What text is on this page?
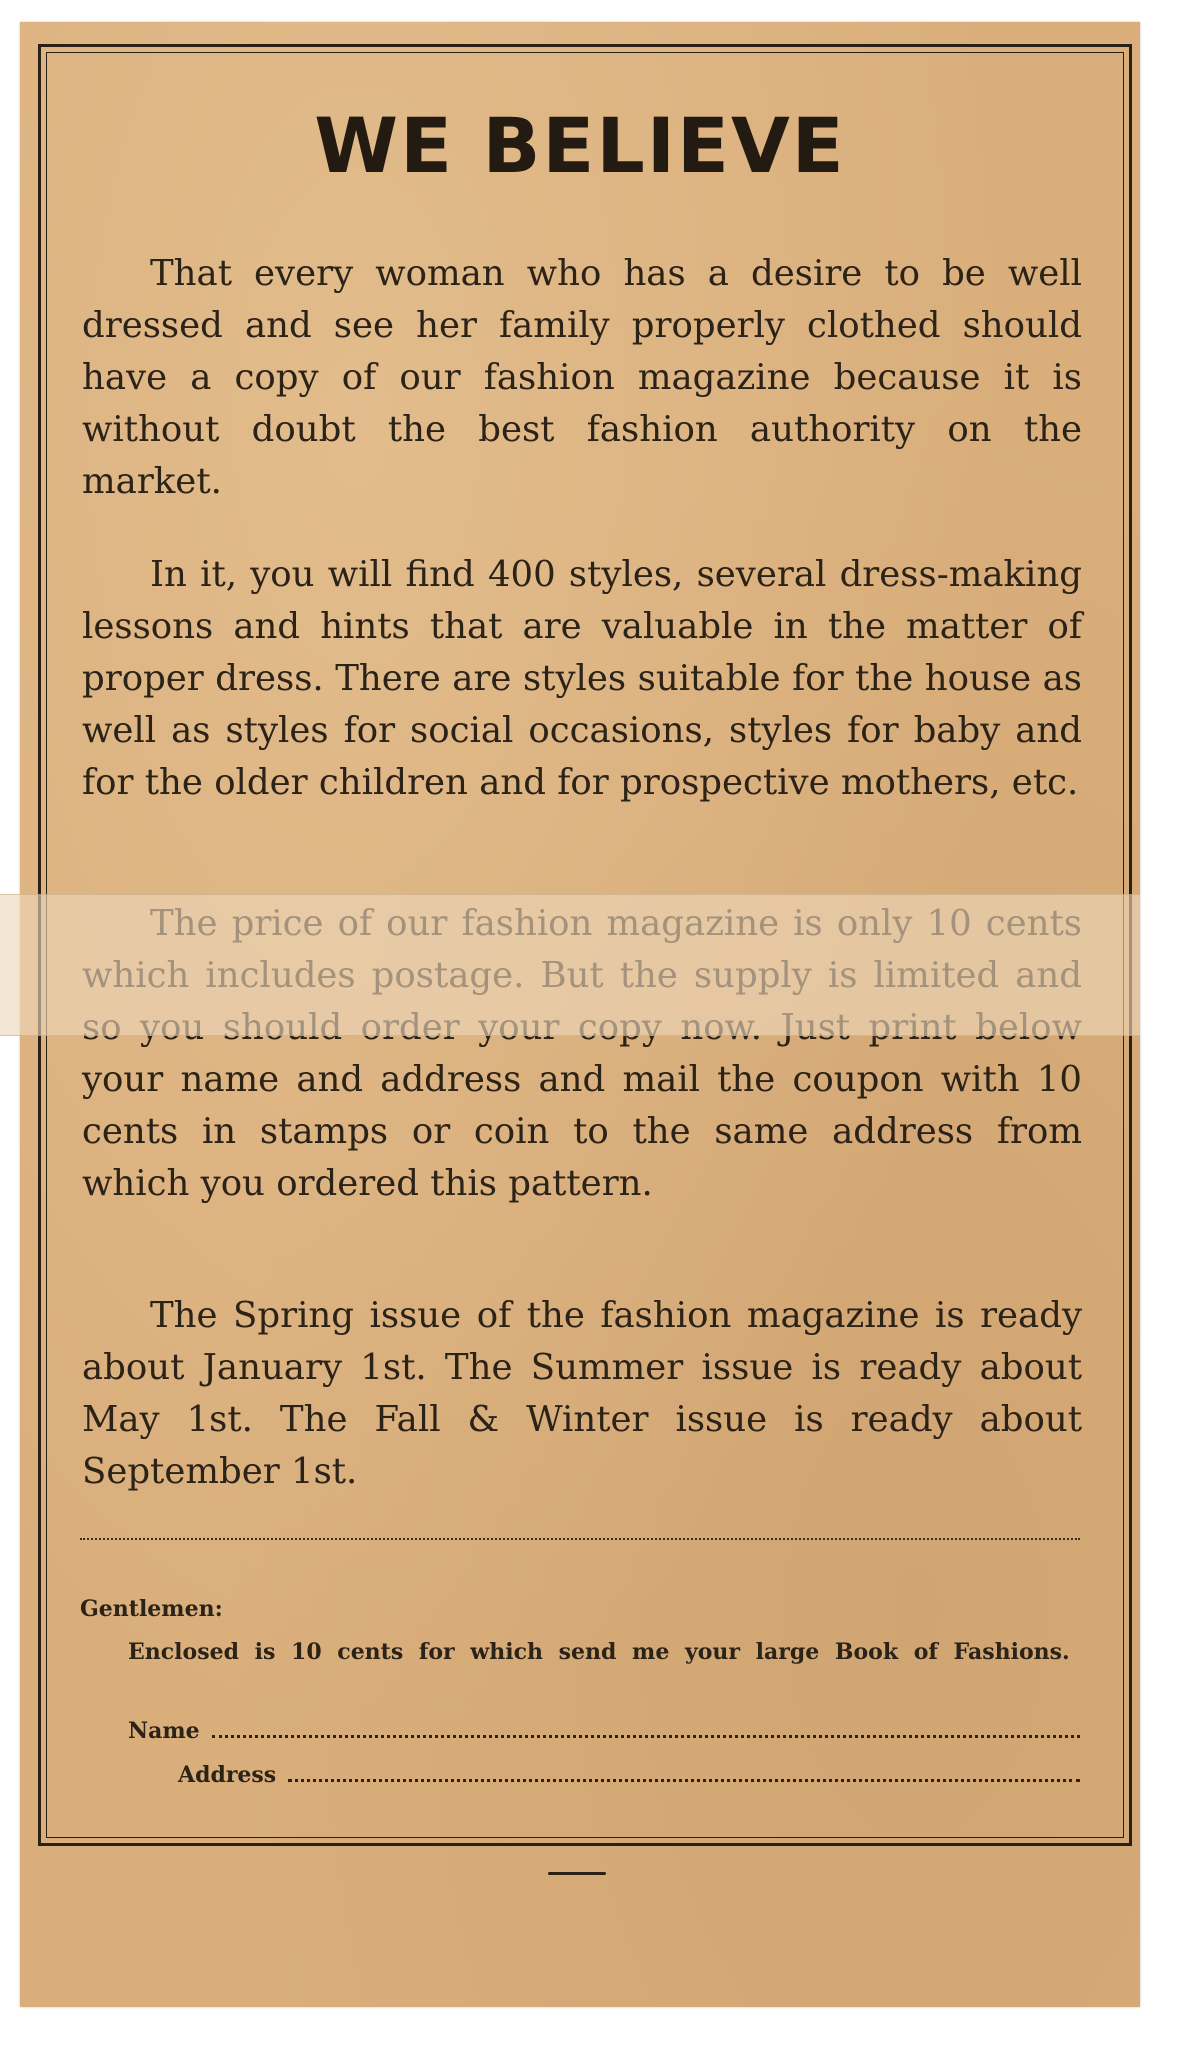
WE BELIEVE

That every woman who has a desire to be well dressed and see her family properly clothed should have a copy of our fashion magazine because it is without doubt the best fashion authority on the market.

In it, you will find 400 styles, several dress-making lessons and hints that are valuable in the matter of proper dress. There are styles suitable for the house as well as styles for social occasions, styles for baby and for the older children and for prospective mothers, etc.

your name and address and mail the coupon with 10 cents in stamps or coin to the same address from which you ordered this pattern.

The Spring issue of the fashion magazine is ready about January 1st. The Summer issue is ready about May 1st. The Fall & Winter issue is ready about September 1st.

Gentlemen:
Enclosed is 10 cents for which send me your large Book of Fashions.
Name
Address
